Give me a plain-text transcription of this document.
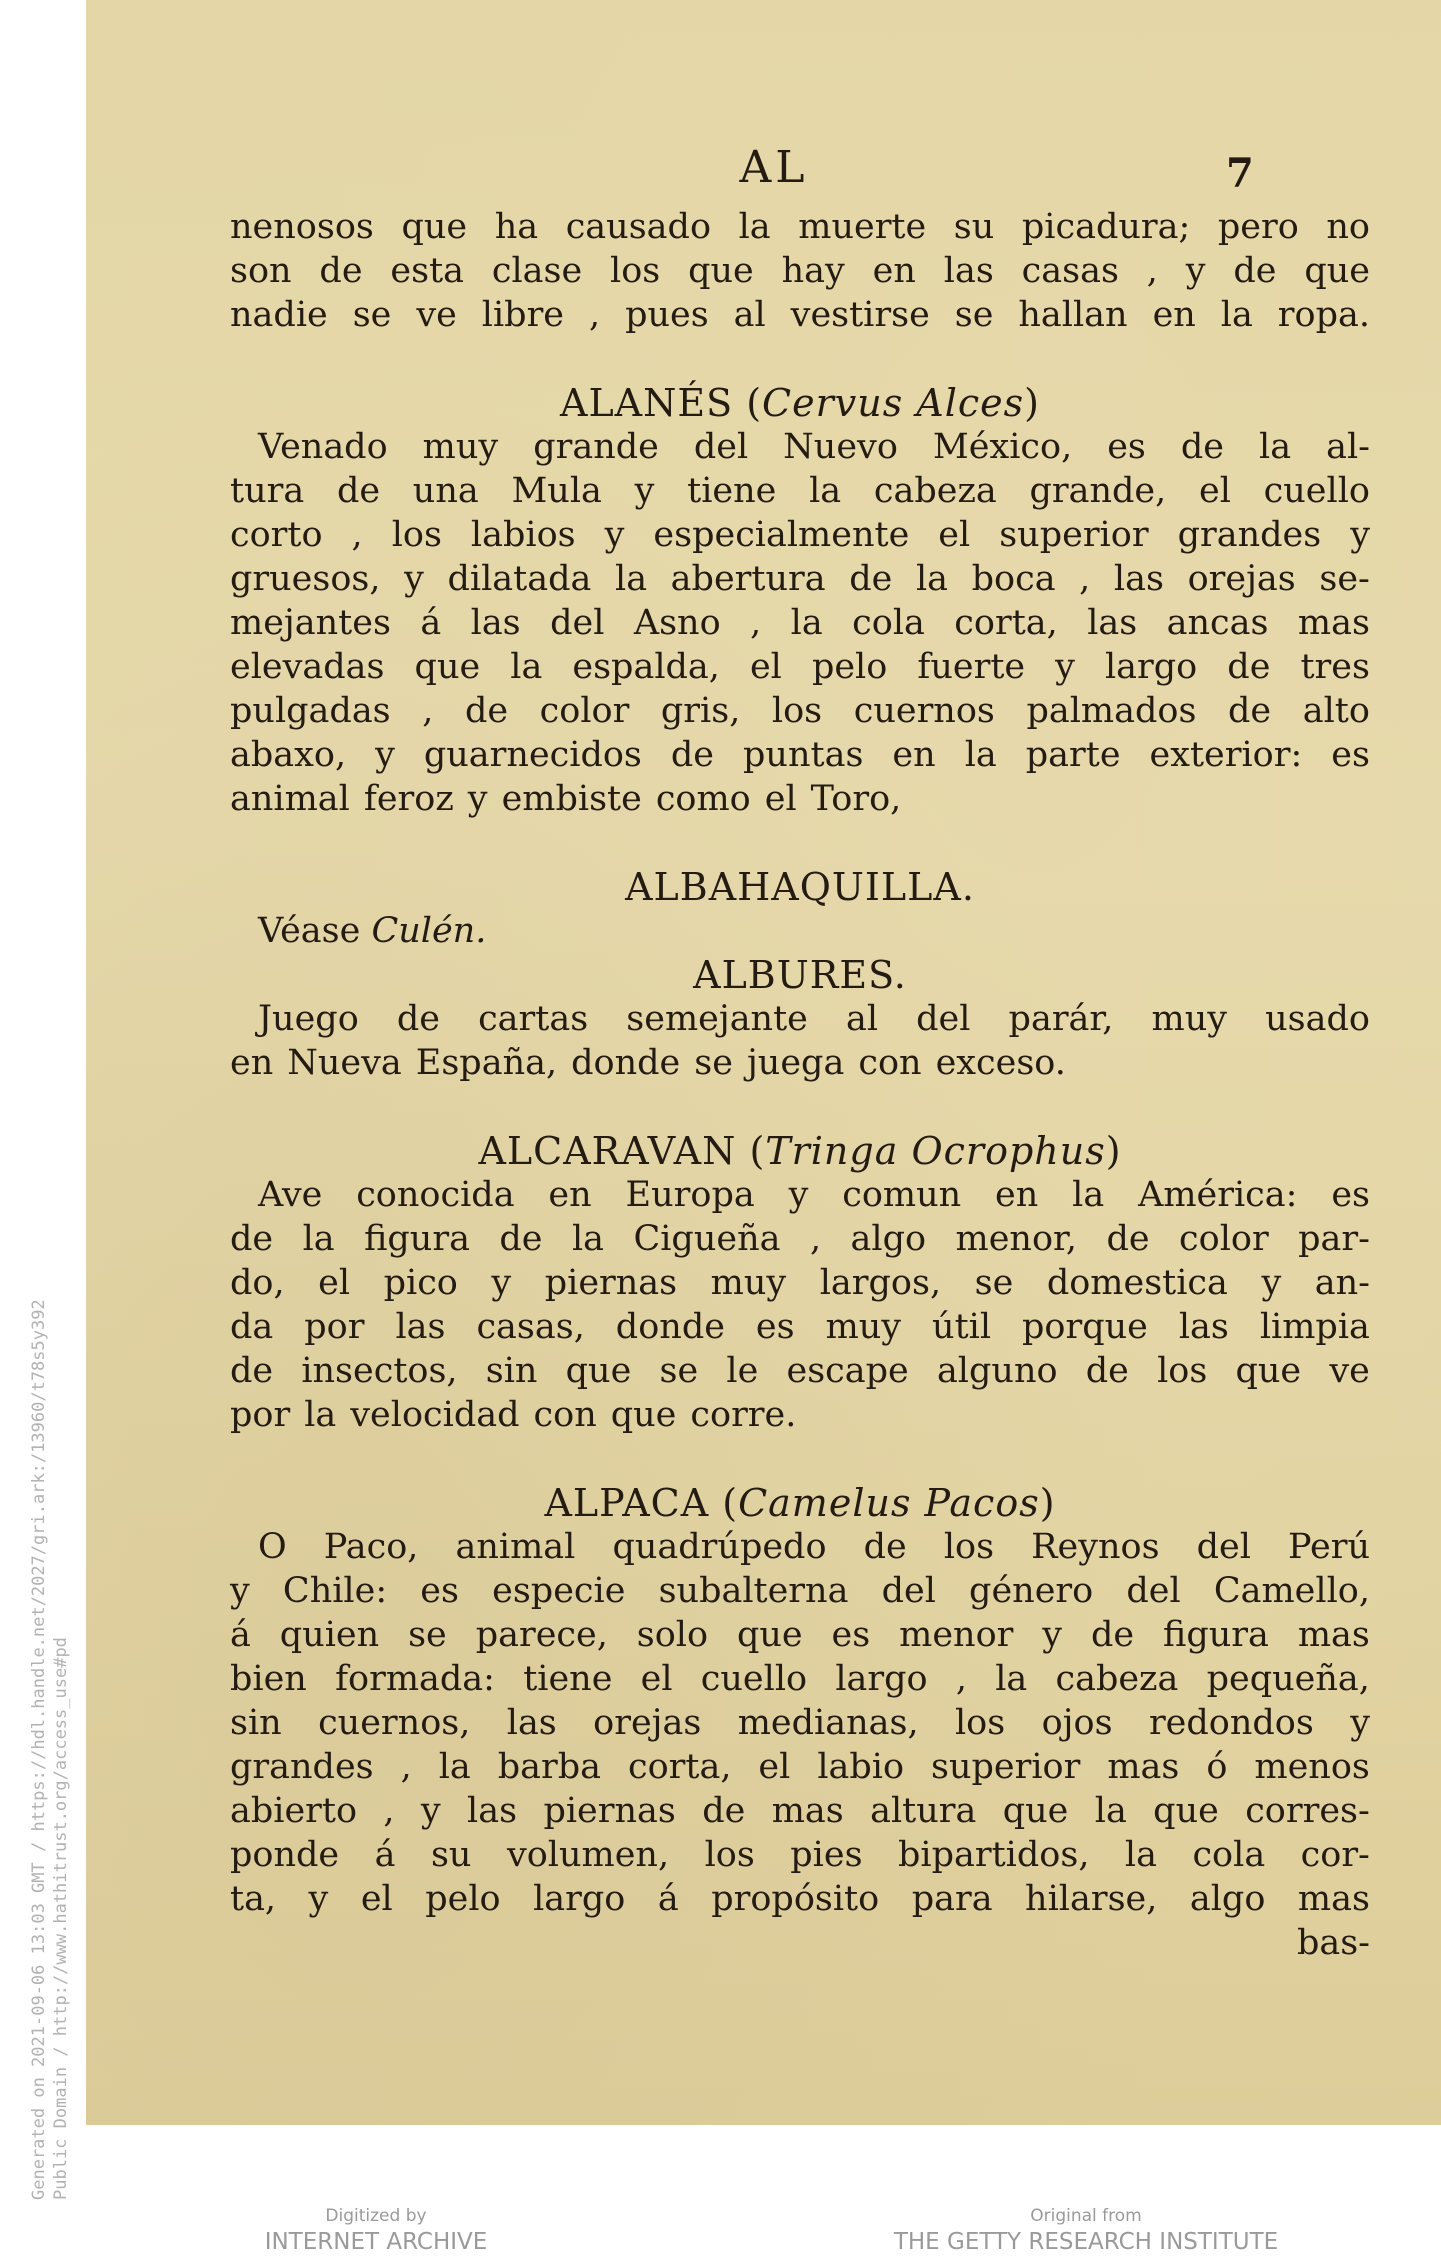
Generated on 2021-09-06 13:03 GMT / https://hdl.handle.net/2027/gri.ark:/13960/t78s5y392 Public Domain / http://www.hathitrust.org/access_use#pd
AL	7
nenosos que ha causado la muerte su picadura; pero no
son de esta clase los que hay en las casas , y de que
nadie se ve libre , pues al vestirse se hallan en la ropa.
ALANÉS (Cervus Alces)
Venado muy grande del Nuevo México, es de la al-
tura de una Mula y tiene la cabeza grande, el cuello
corto , los labios y especialmente el superior grandes y
gruesos, y dilatada la abertura de la boca , las orejas se-
mejantes á las del Asno , la cola corta, las ancas mas
elevadas que la espalda, el pelo fuerte y largo de tres
pulgadas , de color gris, los cuernos palmados de alto
abaxo, y guarnecidos de puntas en la parte exterior: es
animal feroz y embiste como el Toro,
ALBAHAQUILLA.
Véase Culén.
ALBURES.
Juego de cartas semejante al del parár, muy usado
en Nueva España, donde se juega con exceso.
ALCARAVAN (Tringa Ocrophus)
Ave conocida en Europa y comun en la América: es
de la figura de la Cigueña , algo menor, de color par-
do, el pico y piernas muy largos, se domestica y an-
da por las casas, donde es muy útil porque las limpia
de insectos, sin que se le escape alguno de los que ve
por la velocidad con que corre.
ALPACA (Camelus Pacos)
O Paco, animal quadrúpedo de los Reynos del Perú
y Chile: es especie subalterna del género del Camello,
á quien se parece, solo que es menor y de figura mas
bien formada: tiene el cuello largo , la cabeza pequeña,
sin cuernos, las orejas medianas, los ojos redondos y
grandes , la barba corta, el labio superior mas ó menos
abierto , y las piernas de mas altura que la que corres-
ponde á su volumen, los pies bipartidos, la cola cor-
ta, y el pelo largo á propósito para hilarse, algo mas
bas-
Digitized by
INTERNET ARCHIVE
Original from
THE GETTY RESEARCH INSTITUTE
